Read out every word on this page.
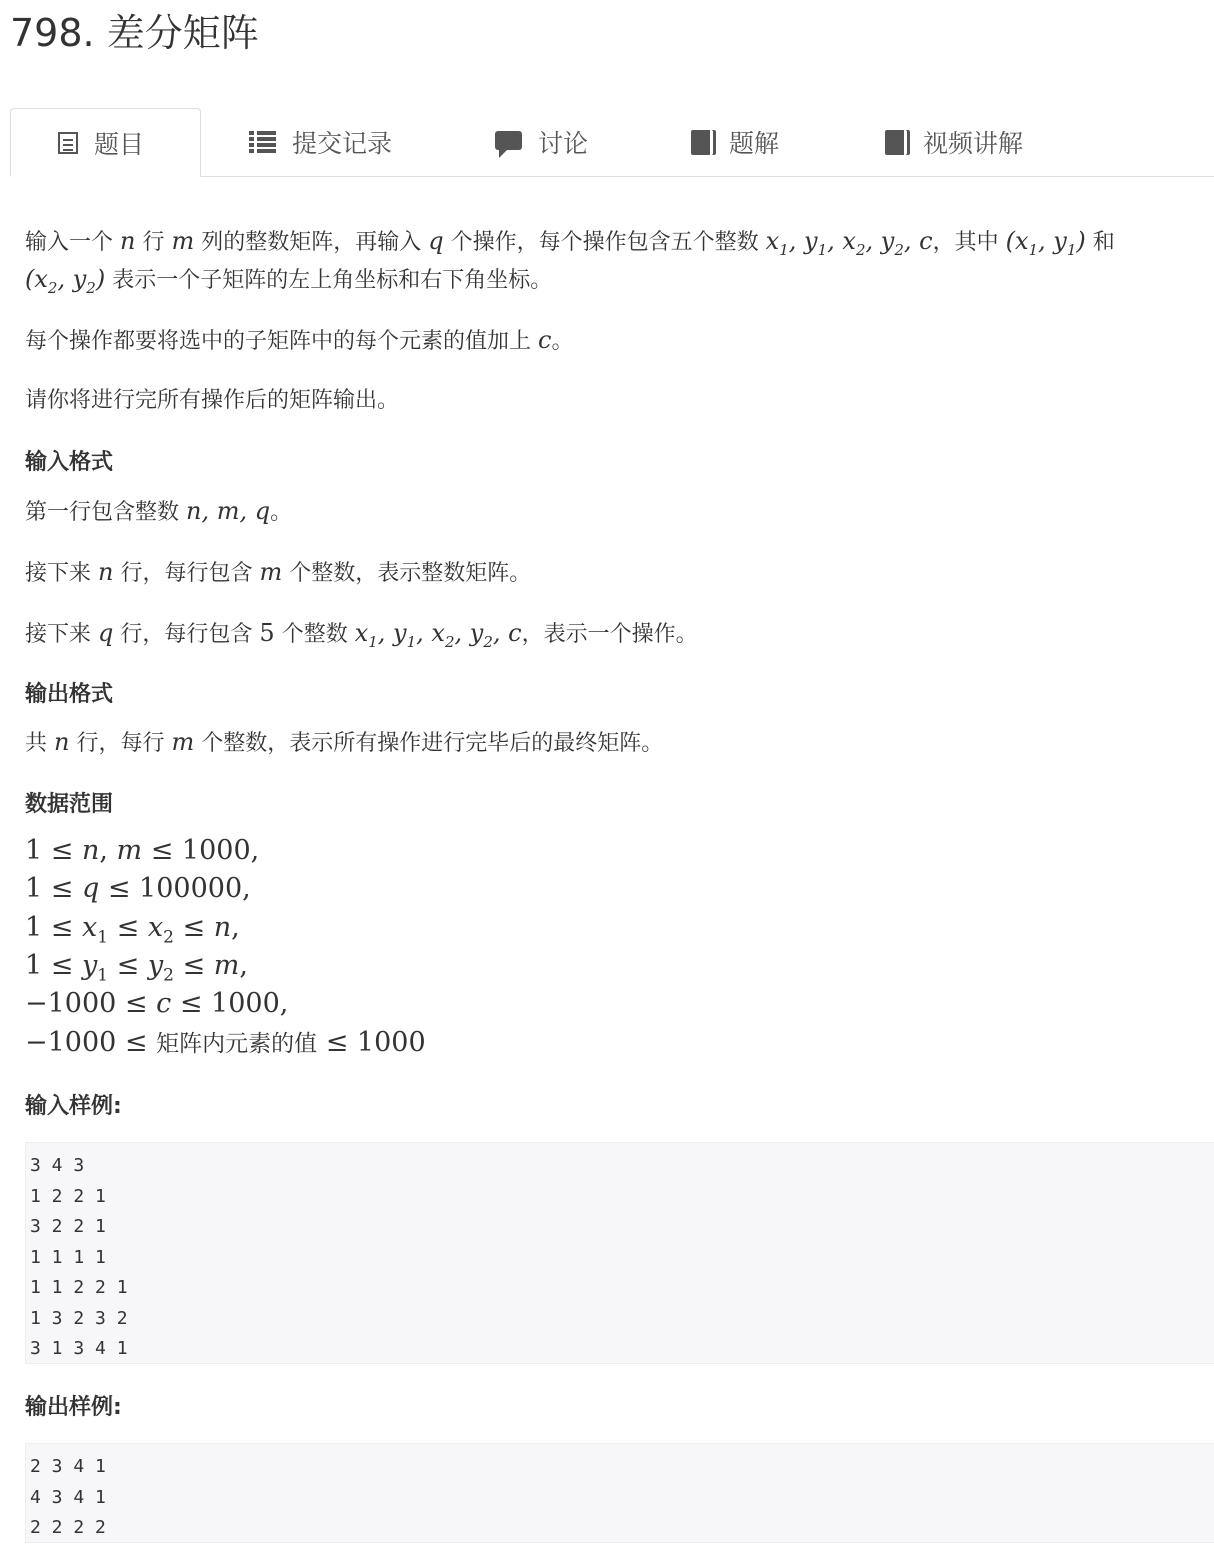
798. 差分矩阵
题目	提交记录	讨论	题解	视频讲解
输入一个 n 行 m 列的整数矩阵，再输入 q 个操作，每个操作包含五个整数 $x_1$, $y_1$, $x_2$, $y_2$, c，其中 ($x_1$, $y_1$) 和
($x_2$, $y_2$) 表示一个子矩阵的左上角坐标和右下角坐标。
每个操作都要将选中的子矩阵中的每个元素的值加上 c。
请你将进行完所有操作后的矩阵输出。
输入格式
第一行包含整数 n, m, q。
接下来 n 行，每行包含 m 个整数，表示整数矩阵。
接下来 q 行，每行包含 5 个整数 $x_1$, $y_1$, $x_2$, $y_2$, c，表示一个操作。
输出格式
共 n 行，每行 m 个整数，表示所有操作进行完毕后的最终矩阵。
数据范围
1 ≤ n, m ≤ 1000,
1 ≤ q ≤ 100000,
$1 \le x_1 \le x_2 \le n$,
$1 \le y_1 \le y_2 \le m$,
−1000 ≤ c ≤ 1000,
−1000 ≤ 矩阵内元素的值 ≤ 1000
输入样例:
输出样例:
3 4 3
1 2 2 1
3 2 2 1
1 1 1 1
1 1 2 2 1
1 3 2 3 2
3 1 3 4 1
2 3 4 1
4 3 4 1
2 2 2 2
